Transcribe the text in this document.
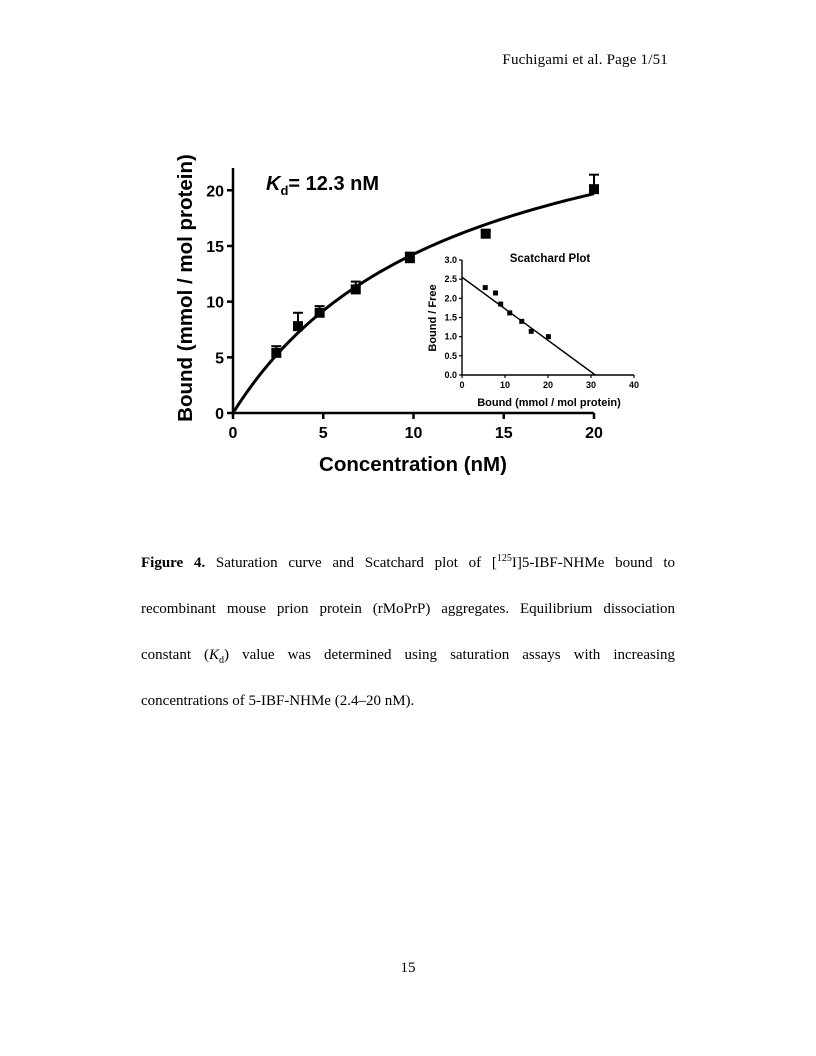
Fuchigami et al. Page 1/51
0	5	10	15	20
0
5
10
15
20
Bound (mmol / mol protein)
Concentration (nM)
$K_d= 12.3$ nM
0	10	20	30	40
0.0
0.5
1.0
1.5
2.0
2.5
3.0	Scatchard Plot
Bound (mmol / mol protein)
Bound / Free

Figure 4. Saturation curve and Scatchard plot of [$^{125}$I]5-IBF-NHMe bound to recombinant mouse prion protein (rMoPrP) aggregates. Equilibrium dissociation constant $(K_d)$ value was determined using saturation assays with increasing concentrations of 5-IBF-NHMe (2.4–20 nM).

15
